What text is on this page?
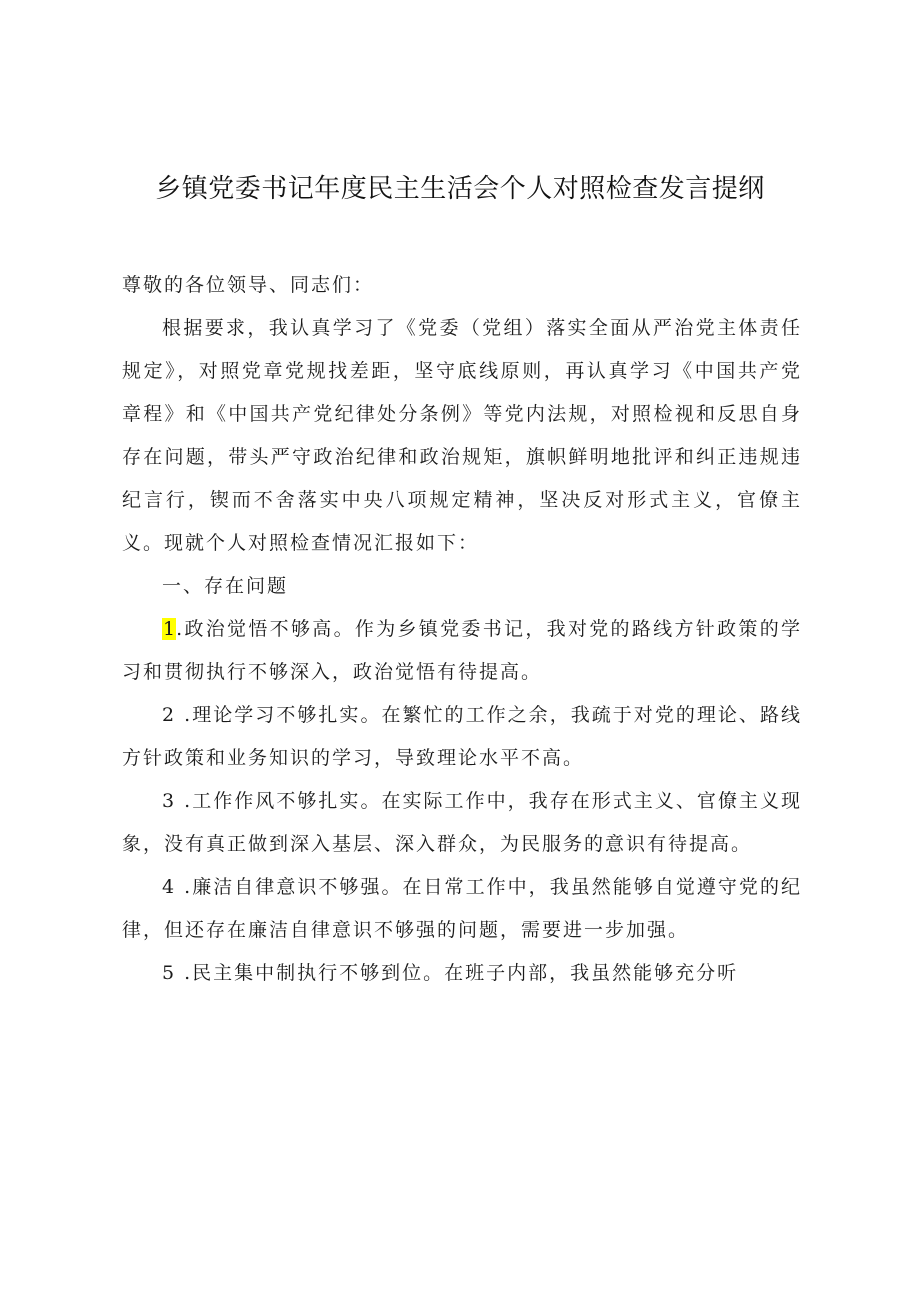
乡镇党委书记年度民主生活会个人对照检查发言提纲

尊敬的各位领导、同志们：

根据要求，我认真学习了《党委（党组）落实全面从严治党主体责任规定》，对照党章党规找差距，坚守底线原则，再认真学习《中国共产党章程》和《中国共产党纪律处分条例》等党内法规，对照检视和反思自身存在问题，带头严守政治纪律和政治规矩，旗帜鲜明地批评和纠正违规违纪言行，锲而不舍落实中央八项规定精神，坚决反对形式主义，官僚主义。现就个人对照检查情况汇报如下：

一、存在问题

1.政治觉悟不够高。作为乡镇党委书记，我对党的路线方针政策的学习和贯彻执行不够深入，政治觉悟有待提高。

2 .理论学习不够扎实。在繁忙的工作之余，我疏于对党的理论、路线方针政策和业务知识的学习，导致理论水平不高。

3 .工作作风不够扎实。在实际工作中，我存在形式主义、官僚主义现象，没有真正做到深入基层、深入群众，为民服务的意识有待提高。

4 .廉洁自律意识不够强。在日常工作中，我虽然能够自觉遵守党的纪律，但还存在廉洁自律意识不够强的问题，需要进一步加强。

5 .民主集中制执行不够到位。在班子内部，我虽然能够充分听
